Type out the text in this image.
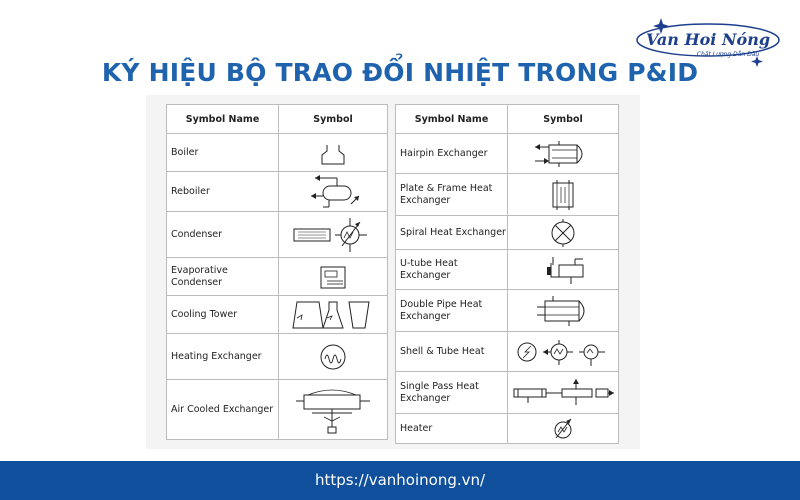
KÝ HIỆU BỘ TRAO ĐỔI NHIỆT TRONG P&ID
Van Hoi Nóng
Chất Lượng Dẫn Đầu
Symbol Name	Symbol
Boiler	

Reboiler	

Condenser	

Evaporative Condenser	

Cooling Tower	

Heating Exchanger	

Air Cooled Exchanger	
Symbol Name	Symbol
Hairpin Exchanger	

Plate & Frame Heat Exchanger	

Spiral Heat Exchanger	

U-tube Heat Exchanger	

Double Pipe Heat Exchanger	

Shell & Tube Heat	

Single Pass Heat Exchanger	

Heater	
https://vanhoinong.vn/
